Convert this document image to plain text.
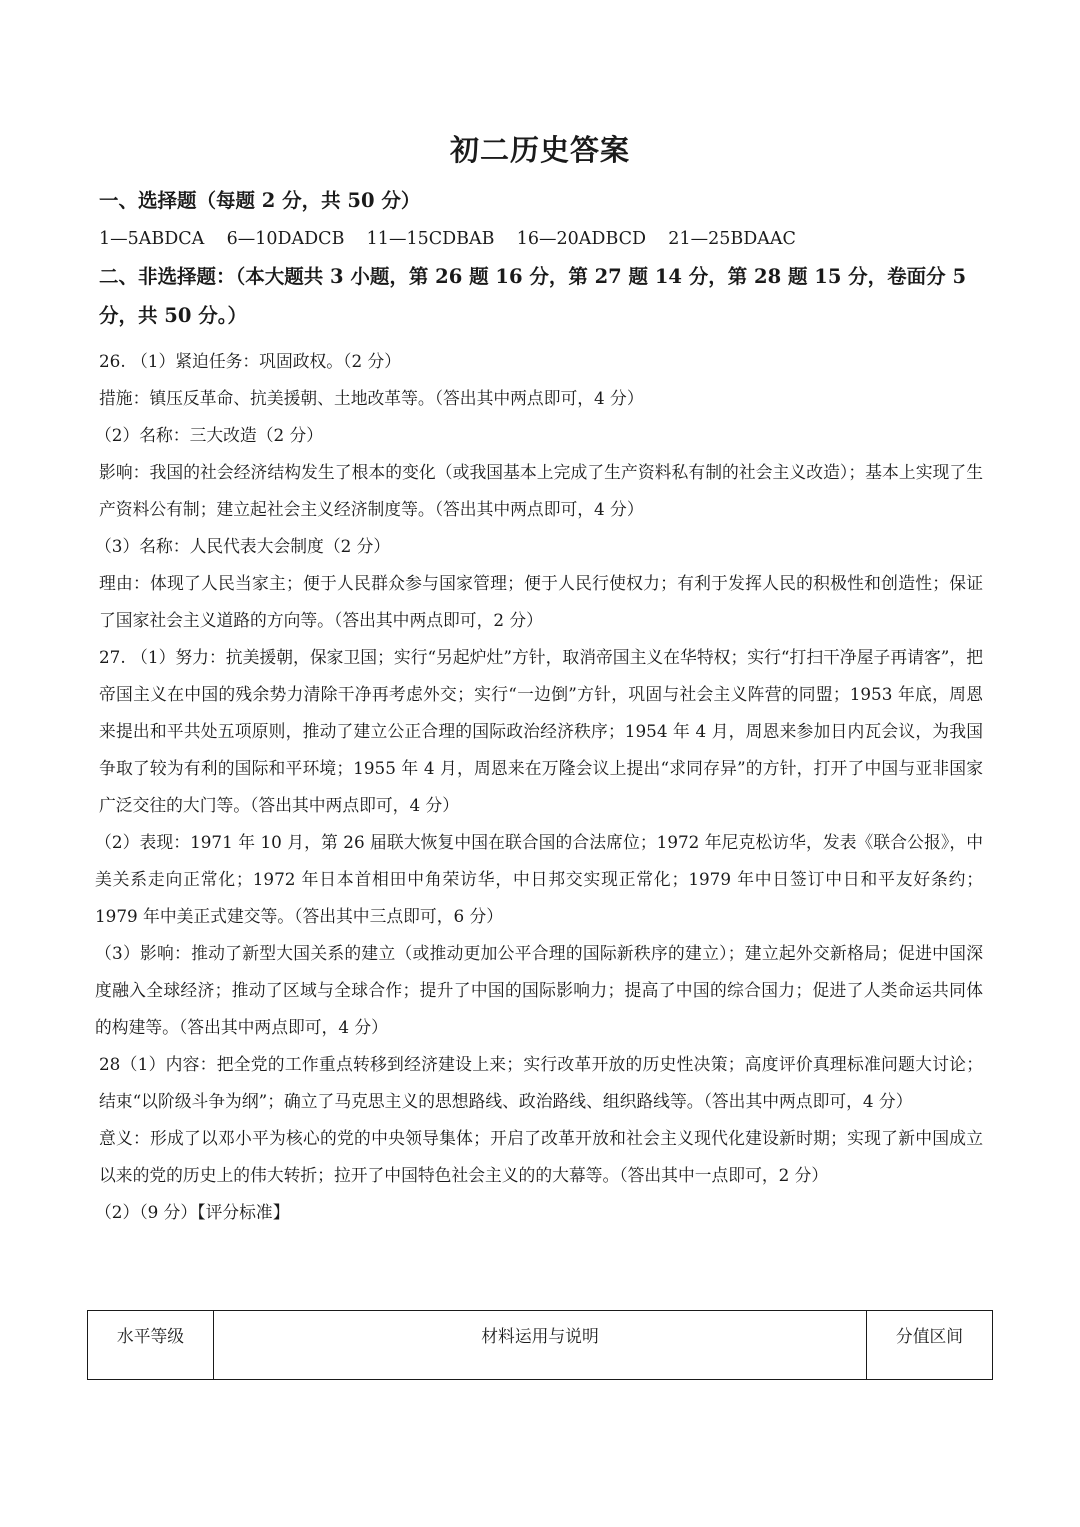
初二历史答案
一、选择题（每题 2 分，共 50 分）
1—5ABDCA    6—10DADCB    11—15CDBAB    16—20ADBCD    21—25BDAAC
二、非选择题：（本大题共 3 小题，第 26 题 16 分，第 27 题 14 分，第 28 题 15 分，卷面分 5 分，共 50 分。）

26. （1）紧迫任务：巩固政权。（2 分）

措施：镇压反革命、抗美援朝、土地改革等。（答出其中两点即可，4 分）

（2）名称：三大改造（2 分）

影响：我国的社会经济结构发生了根本的变化（或我国基本上完成了生产资料私有制的社会主义改造）；基本上实现了生产资料公有制；建立起社会主义经济制度等。（答出其中两点即可，4 分）

（3）名称：人民代表大会制度（2 分）

理由：体现了人民当家主；便于人民群众参与国家管理；便于人民行使权力；有利于发挥人民的积极性和创造性；保证了国家社会主义道路的方向等。（答出其中两点即可，2 分）

27. （1）努力：抗美援朝，保家卫国；实行“另起炉灶”方针，取消帝国主义在华特权；实行“打扫干净屋子再请客”，把帝国主义在中国的残余势力清除干净再考虑外交；实行“一边倒”方针，巩固与社会主义阵营的同盟；1953 年底，周恩来提出和平共处五项原则，推动了建立公正合理的国际政治经济秩序；1954 年 4 月，周恩来参加日内瓦会议，为我国争取了较为有利的国际和平环境；1955 年 4 月，周恩来在万隆会议上提出“求同存异”的方针，打开了中国与亚非国家广泛交往的大门等。（答出其中两点即可，4 分）

（2）表现：1971 年 10 月，第 26 届联大恢复中国在联合国的合法席位；1972 年尼克松访华，发表《联合公报》，中美关系走向正常化；1972 年日本首相田中角荣访华，中日邦交实现正常化；1979 年中日签订中日和平友好条约；1979 年中美正式建交等。（答出其中三点即可，6 分）

（3）影响：推动了新型大国关系的建立（或推动更加公平合理的国际新秩序的建立）；建立起外交新格局；促进中国深度融入全球经济；推动了区域与全球合作；提升了中国的国际影响力；提高了中国的综合国力；促进了人类命运共同体的构建等。（答出其中两点即可，4 分）

28（1）内容：把全党的工作重点转移到经济建设上来；实行改革开放的历史性决策；高度评价真理标准问题大讨论；结束“以阶级斗争为纲”；确立了马克思主义的思想路线、政治路线、组织路线等。（答出其中两点即可，4 分）

意义：形成了以邓小平为核心的党的中央领导集体；开启了改革开放和社会主义现代化建设新时期；实现了新中国成立以来的党的历史上的伟大转折；拉开了中国特色社会主义的的大幕等。（答出其中一点即可，2 分）

（2）（9 分）【评分标准】

水平等级	材料运用与说明	分值区间
